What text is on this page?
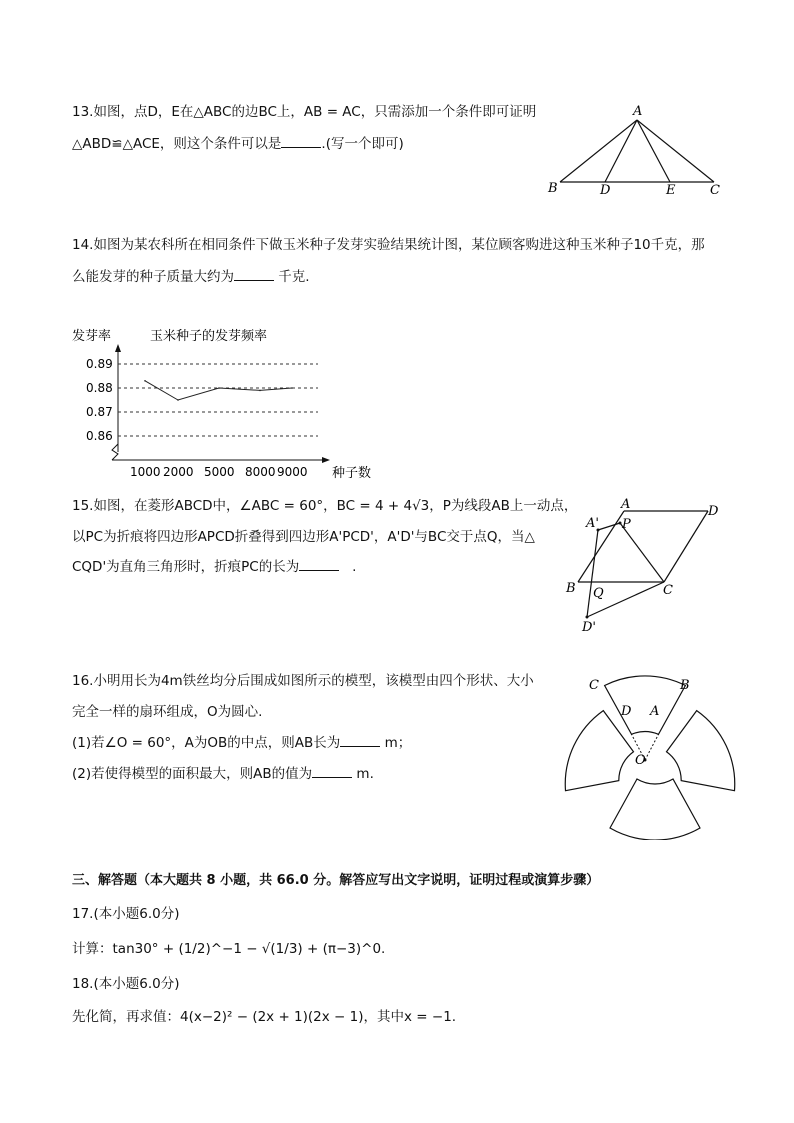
13.如图，点D，E在△ABC的边BC上，AB = AC，只需添加一个条件即可证明
△ABD≌△ACE，则这个条件可以是	.(写一个即可)
A
B	D	E	C
14.如图为某农科所在相同条件下做玉米种子发芽实验结果统计图，某位顾客购进这种玉米种子10千克，那
么能发芽的种子质量大约为	千克.
发芽率	玉米种子的发芽频率
种子数
0.89
0.88
0.87
0.86
1000 2000 5000 8000 9000
15.如图，在菱形ABCD中，∠ABC = 60°，BC = 4 + 4√3，P为线段AB上一动点，
以PC为折痕将四边形APCD折叠得到四边形A'PCD'，A'D'与BC交于点Q，当△
CQD'为直角三角形时，折痕PC的长为	.
A
A' P
D
B Q	C
D'
16.小明用长为4m铁丝均分后围成如图所示的模型，该模型由四个形状、大小
完全一样的扇环组成，O为圆心.
(1)若∠O = 60°，A为OB的中点，则AB长为	m；
(2)若使得模型的面积最大，则AB的值为	m.
C	B
D A
O
三、解答题（本大题共 8 小题，共 66.0 分。解答应写出文字说明，证明过程或演算步骤）
17.(本小题6.0分)
计算：tan30° + (1/2)^−1 − √(1/3) + (π−3)^0.
18.(本小题6.0分)
先化简，再求值：4(x−2)² − (2x + 1)(2x − 1)，其中x = −1.
